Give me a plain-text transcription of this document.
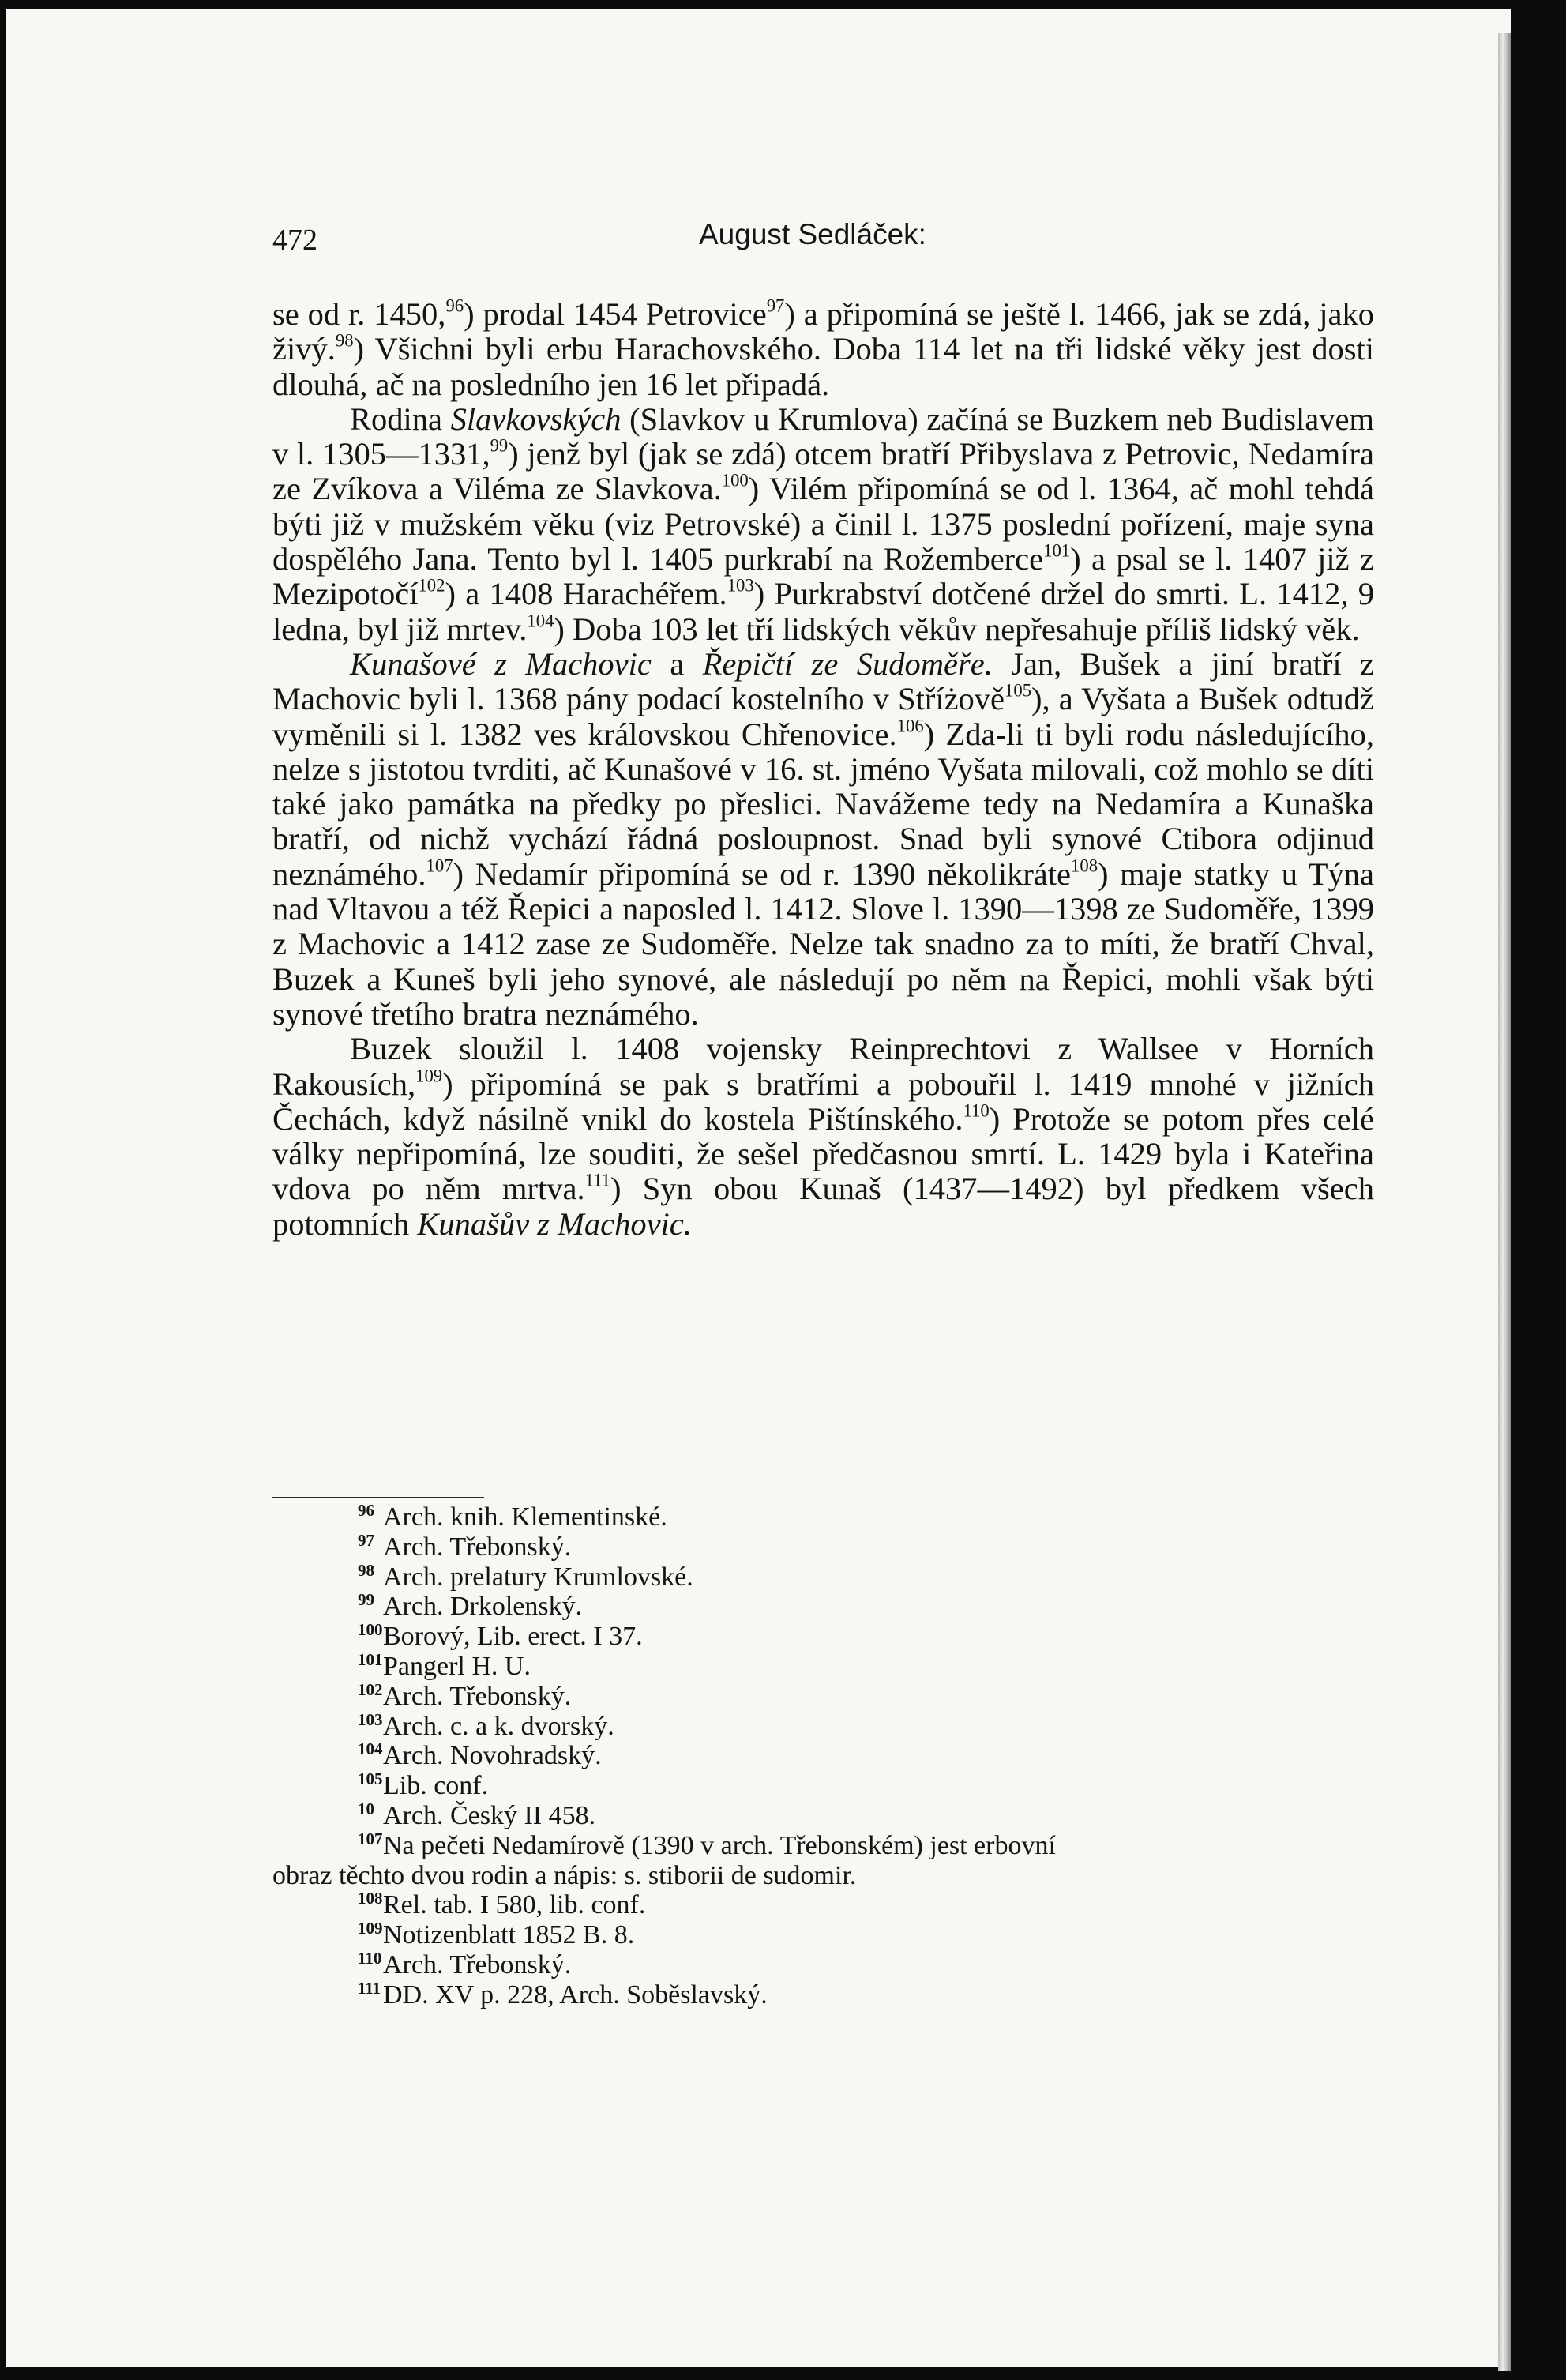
472	August Sedláček:

se od r. 1450,96) prodal 1454 Petrovice$^{97}$) a připomíná se ještě l. 1466, jak se zdá, jako živý.$^{98}$) Všichni byli erbu Harachovského. Doba 114 let na tři lidské věky jest dosti dlouhá, ač na posledního jen 16 let připadá.

Rodina Slavkovských (Slavkov u Krumlova) začíná se Buzkem neb Budislavem v l. 1305—1331,99) jenž byl (jak se zdá) otcem bratří Přibyslava z Petrovic, Nedamíra ze Zvíkova a Viléma ze Slavkova.$^{100}$) Vilém připomíná se od l. 1364, ač mohl tehdá býti již v mužském věku (viz Petrovské) a činil l. 1375 poslední pořízení, maje syna dospělého Jana. Tento byl l. 1405 purkrabí na Rožemberce$^{101}$) a psal se l. 1407 již z Mezipotočí$^{102}$) a 1408 Harachéřem.$^{103}$) Purkrabství dotčené držel do smrti. L. 1412, 9 ledna, byl již mrtev.$^{104}$) Doba 103 let tří lidských věkův nepřesahuje příliš lidský věk.

Kunašové z Machovic a Řepičtí ze Sudoměře. Jan, Bušek a jiní bratří z Machovic byli l. 1368 pány podací kostelního v Stříżově$^{105}$), a Vyšata a Bušek odtudž vyměnili si l. 1382 ves královskou Chřenovice.$^{106}$) Zda-li ti byli rodu následujícího, nelze s jistotou tvrditi, ač Kunašové v 16. st. jméno Vyšata milovali, což mohlo se díti také jako památka na předky po přeslici. Navážeme tedy na Nedamíra a Kunaška bratří, od nichž vychází řádná posloupnost. Snad byli synové Ctibora odjinud neznámého.$^{107}$) Nedamír připomíná se od r. 1390 několikráte$^{108}$) maje statky u Týna nad Vltavou a též Řepici a naposled l. 1412. Slove l. 1390—1398 ze Sudoměře, 1399 z Machovic a 1412 zase ze Sudoměře. Nelze tak snadno za to míti, že bratří Chval, Buzek a Kuneš byli jeho synové, ale následují po něm na Řepici, mohli však býti synové třetího bratra neznámého.

Buzek sloužil l. 1408 vojensky Reinprechtovi z Wallsee v Horních Rakousích,$^{109}$) připomíná se pak s bratřími a pobouřil l. 1419 mnohé v jižních Čechách, když násilně vnikl do kostela Pištínského.$^{110}$) Protože se potom přes celé války nepřipomíná, lze souditi, že sešel předčasnou smrtí. L. 1429 byla i Kateřina vdova po něm mrtva.$^{111}$) Syn obou Kunaš (1437—1492) byl předkem všech potomních Kunašův z Machovic.

96 Arch. knih. Klementinské.
97 Arch. Třebonský.
98 Arch. prelatury Krumlovské.
99 Arch. Drkolenský.
100 Borový, Lib. erect. I 37.
101 Pangerl H. U.
102 Arch. Třebonský.
103 Arch. c. a k. dvorský.
104 Arch. Novohradský.
105 Lib. conf.
10 Arch. Český II 458.
107 Na pečeti Nedamírově (1390 v arch. Třebonském) jest erbovní
obraz těchto dvou rodin a nápis: s. stiborii de sudomir.
108 Rel. tab. I 580, lib. conf.
109 Notizenblatt 1852 B. 8.
110 Arch. Třebonský.
111 DD. XV p. 228, Arch. Soběslavský.
